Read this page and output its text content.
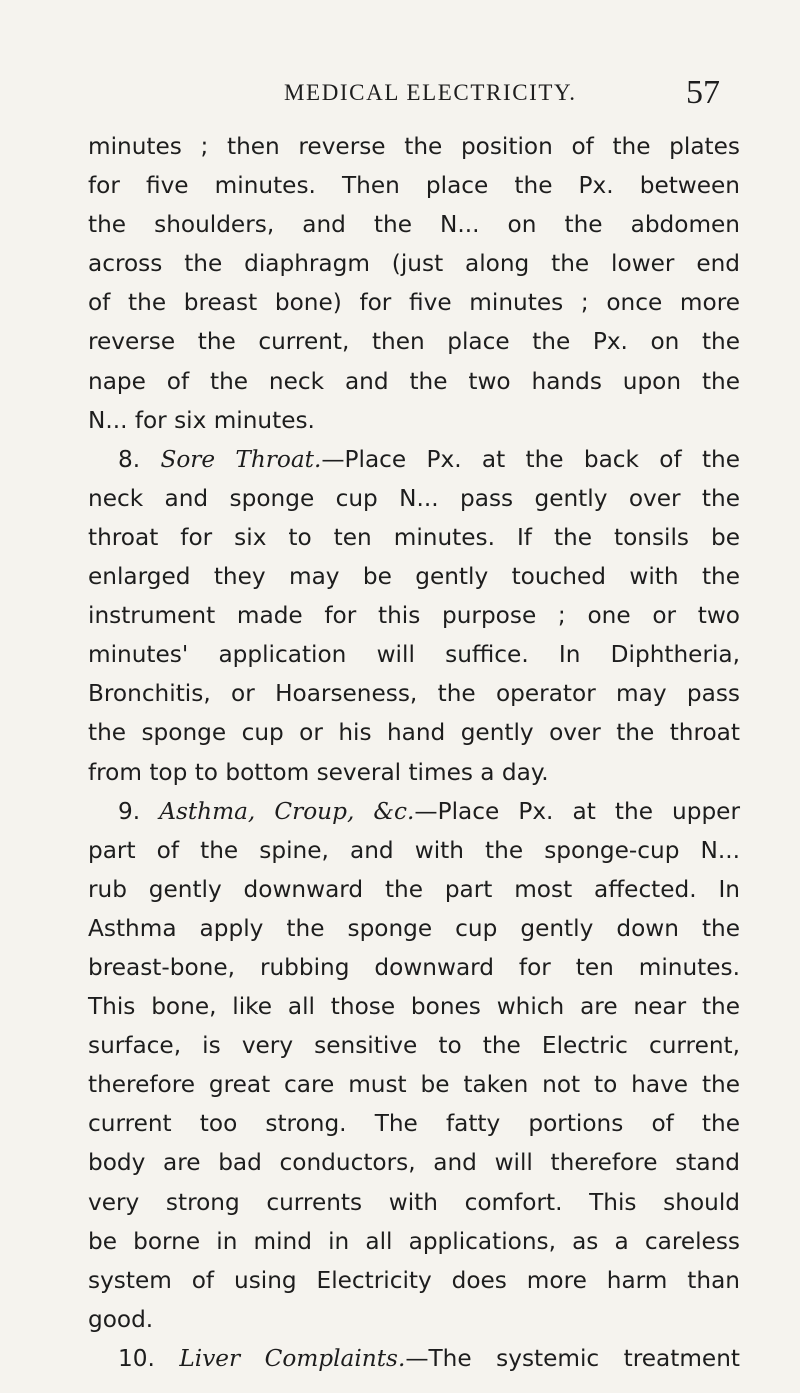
MEDICAL ELECTRICITY.	57
minutes ; then reverse the position of the plates
for five minutes. Then place the Px. between
the shoulders, and the N... on the abdomen
across the diaphragm (just along the lower end
of the breast bone) for five minutes ; once more
reverse the current, then place the Px. on the
nape of the neck and the two hands upon the
N... for six minutes.
8. Sore Throat.—Place Px. at the back of the
neck and sponge cup N... pass gently over the
throat for six to ten minutes. If the tonsils be
enlarged they may be gently touched with the
instrument made for this purpose ; one or two
minutes' application will suffice. In Diphtheria,
Bronchitis, or Hoarseness, the operator may pass
the sponge cup or his hand gently over the throat
from top to bottom several times a day.
9. Asthma, Croup, &c.—Place Px. at the upper
part of the spine, and with the sponge-cup N...
rub gently downward the part most affected. In
Asthma apply the sponge cup gently down the
breast-bone, rubbing downward for ten minutes.
This bone, like all those bones which are near the
surface, is very sensitive to the Electric current,
therefore great care must be taken not to have the
current too strong. The fatty portions of the
body are bad conductors, and will therefore stand
very strong currents with comfort. This should
be borne in mind in all applications, as a careless
system of using Electricity does more harm than
good.
10. Liver Complaints.—The systemic treatment
